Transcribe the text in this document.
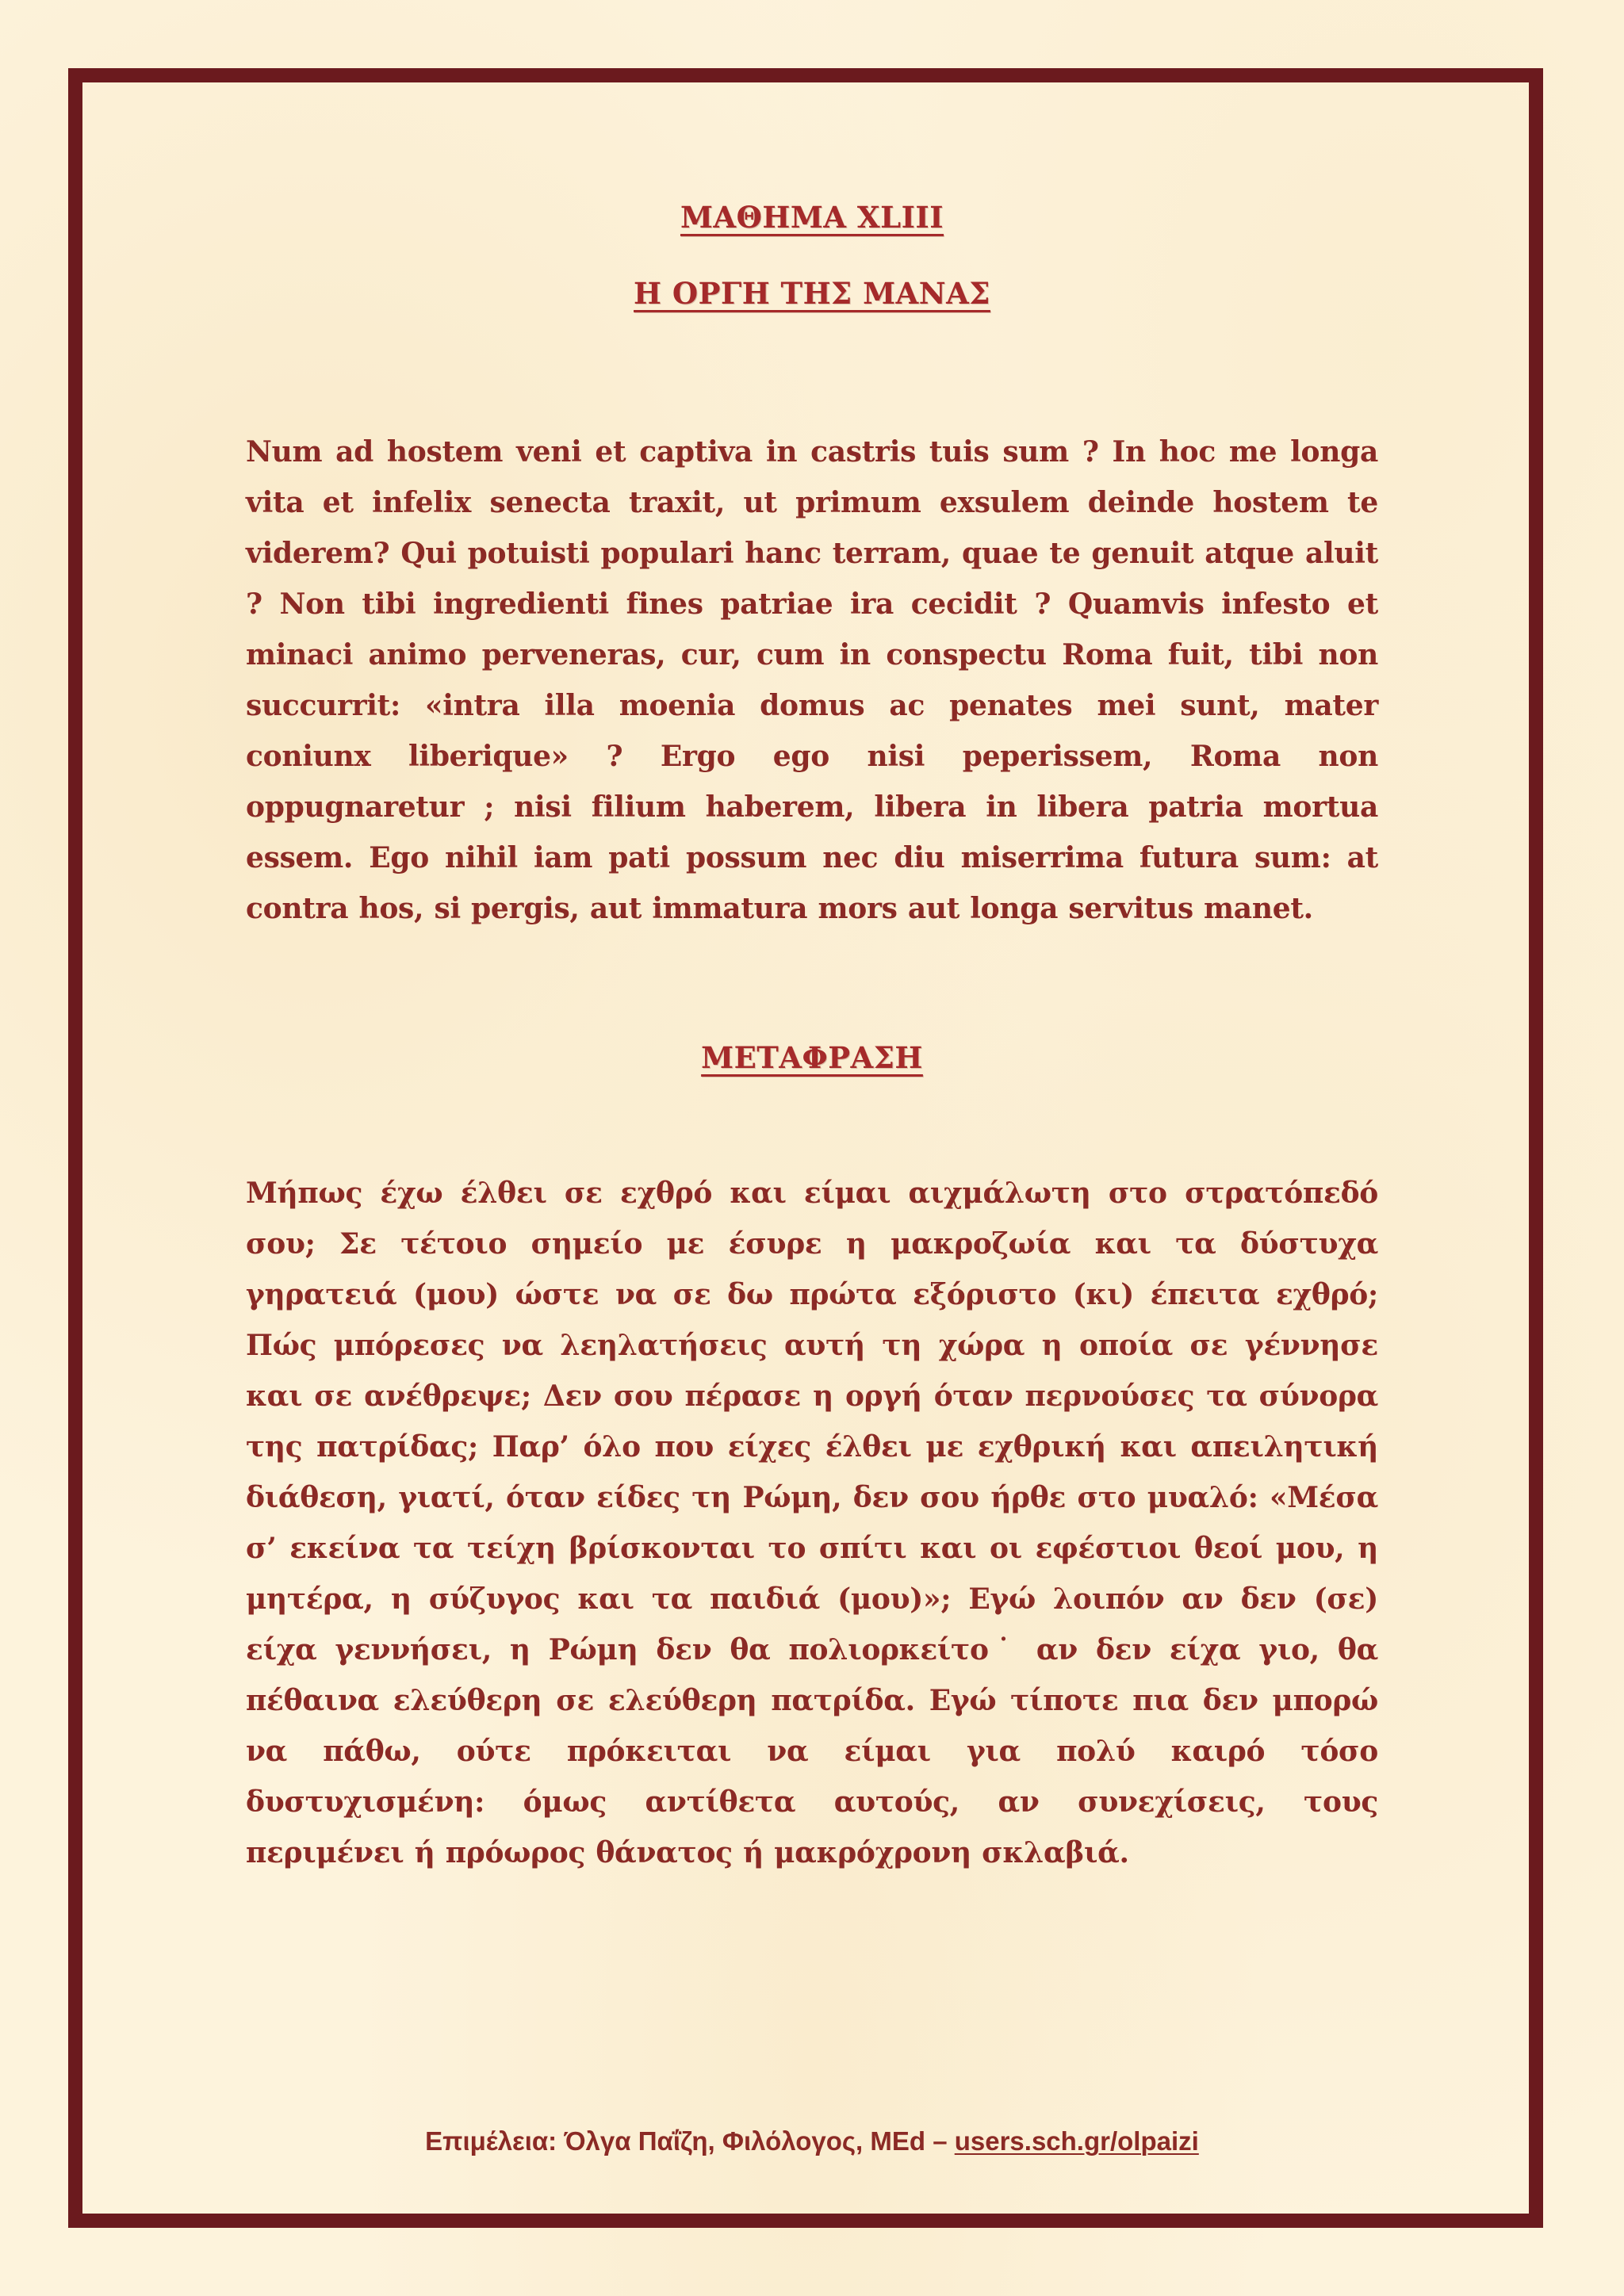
ΜΑΘΗΜΑ XLIII
Η ΟΡΓΗ ΤΗΣ ΜΑΝΑΣ
Num ad hostem veni et captiva in castris tuis sum ? In hoc me longa vita et infelix senecta traxit, ut primum exsulem deinde hostem te viderem? Qui potuisti populari hanc terram, quae te genuit atque aluit ? Non tibi ingredienti fines patriae ira cecidit ? Quamvis infesto et minaci animo perveneras, cur, cum in conspectu Roma fuit, tibi non succurrit: «intra illa moenia domus ac penates mei sunt, mater coniunx liberique» ? Ergo ego nisi peperissem, Roma non oppugnaretur ; nisi filium haberem, libera in libera patria mortua essem. Ego nihil iam pati possum nec diu miserrima futura sum: at contra hos, si pergis, aut immatura mors aut longa servitus manet.
ΜΕΤΑΦΡΑΣΗ
Μήπως έχω έλθει σε εχθρό και είμαι αιχμάλωτη στο στρατόπεδό σου; Σε τέτοιο σημείο με έσυρε η μακροζωία και τα δύστυχα γηρατειά (μου) ώστε να σε δω πρώτα εξόριστο (κι) έπειτα εχθρό; Πώς μπόρεσες να λεηλατήσεις αυτή τη χώρα η οποία σε γέννησε και σε ανέθρεψε; Δεν σου πέρασε η οργή όταν περνούσες τα σύνορα της πατρίδας; Παρ’ όλο που είχες έλθει με εχθρική και απειλητική διάθεση, γιατί, όταν είδες τη Ρώμη, δεν σου ήρθε στο μυαλό: «Μέσα σ’ εκείνα τα τείχη βρίσκονται το σπίτι και οι εφέστιοι θεοί μου, η μητέρα, η σύζυγος και τα παιδιά (μου)»; Εγώ λοιπόν αν δεν (σε) είχα γεννήσει, η Ρώμη δεν θα πολιορκείτο˙ αν δεν είχα γιο, θα πέθαινα ελεύθερη σε ελεύθερη πατρίδα. Εγώ τίποτε πια δεν μπορώ να πάθω, ούτε πρόκειται να είμαι για πολύ καιρό τόσο δυστυχισμένη: όμως αντίθετα αυτούς, αν συνεχίσεις, τους περιμένει ή πρόωρος θάνατος ή μακρόχρονη σκλαβιά.
Επιμέλεια: Όλγα Παΐζη, Φιλόλογος, MEd – users.sch.gr/olpaizi
